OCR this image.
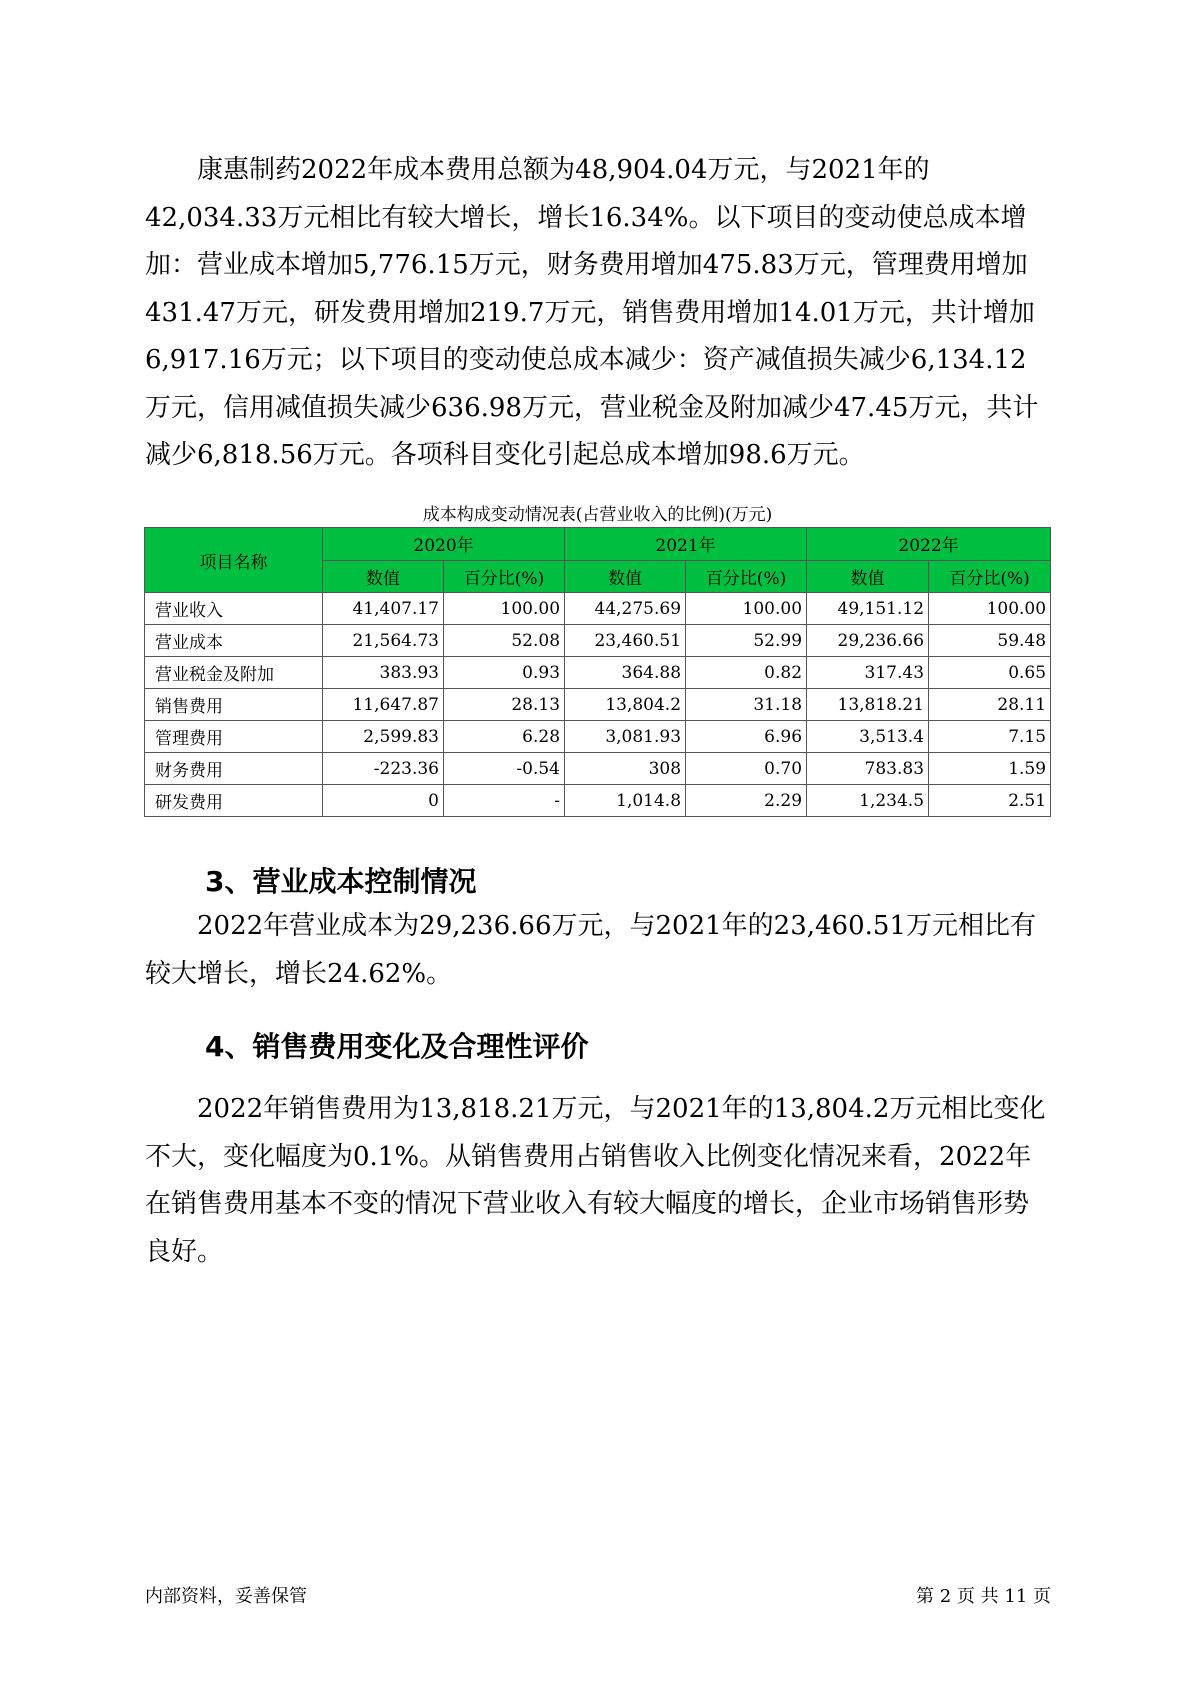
康惠制药2022年成本费用总额为48,904.04万元，与2021年的42,034.33万元相比有较大增长，增长16.34%。以下项目的变动使总成本增加：营业成本增加5,776.15万元，财务费用增加475.83万元，管理费用增加431.47万元，研发费用增加219.7万元，销售费用增加14.01万元，共计增加6,917.16万元；以下项目的变动使总成本减少：资产减值损失减少6,134.12万元，信用减值损失减少636.98万元，营业税金及附加减少47.45万元，共计减少6,818.56万元。各项科目变化引起总成本增加98.6万元。

成本构成变动情况表(占营业收入的比例)(万元)
项目名称	2020年		2021年		2022年	
	数值	百分比(%)	数值	百分比(%)	数值	百分比(%)
营业收入	41,407.17	100.00	44,275.69	100.00	49,151.12	100.00
营业成本	21,564.73	52.08	23,460.51	52.99	29,236.66	59.48
营业税金及附加	383.93	0.93	364.88	0.82	317.43	0.65
销售费用	11,647.87	28.13	13,804.2	31.18	13,818.21	28.11
管理费用	2,599.83	6.28	3,081.93	6.96	3,513.4	7.15
财务费用	-223.36	-0.54	308	0.70	783.83	1.59
研发费用	0	-	1,014.8	2.29	1,234.5	2.51
3、营业成本控制情况

2022年营业成本为29,236.66万元，与2021年的23,460.51万元相比有较大增长，增长24.62%。

4、销售费用变化及合理性评价

2022年销售费用为13,818.21万元，与2021年的13,804.2万元相比变化不大，变化幅度为0.1%。从销售费用占销售收入比例变化情况来看，2022年在销售费用基本不变的情况下营业收入有较大幅度的增长，企业市场销售形势良好。

内部资料，妥善保管	第 2 页 共 11 页
